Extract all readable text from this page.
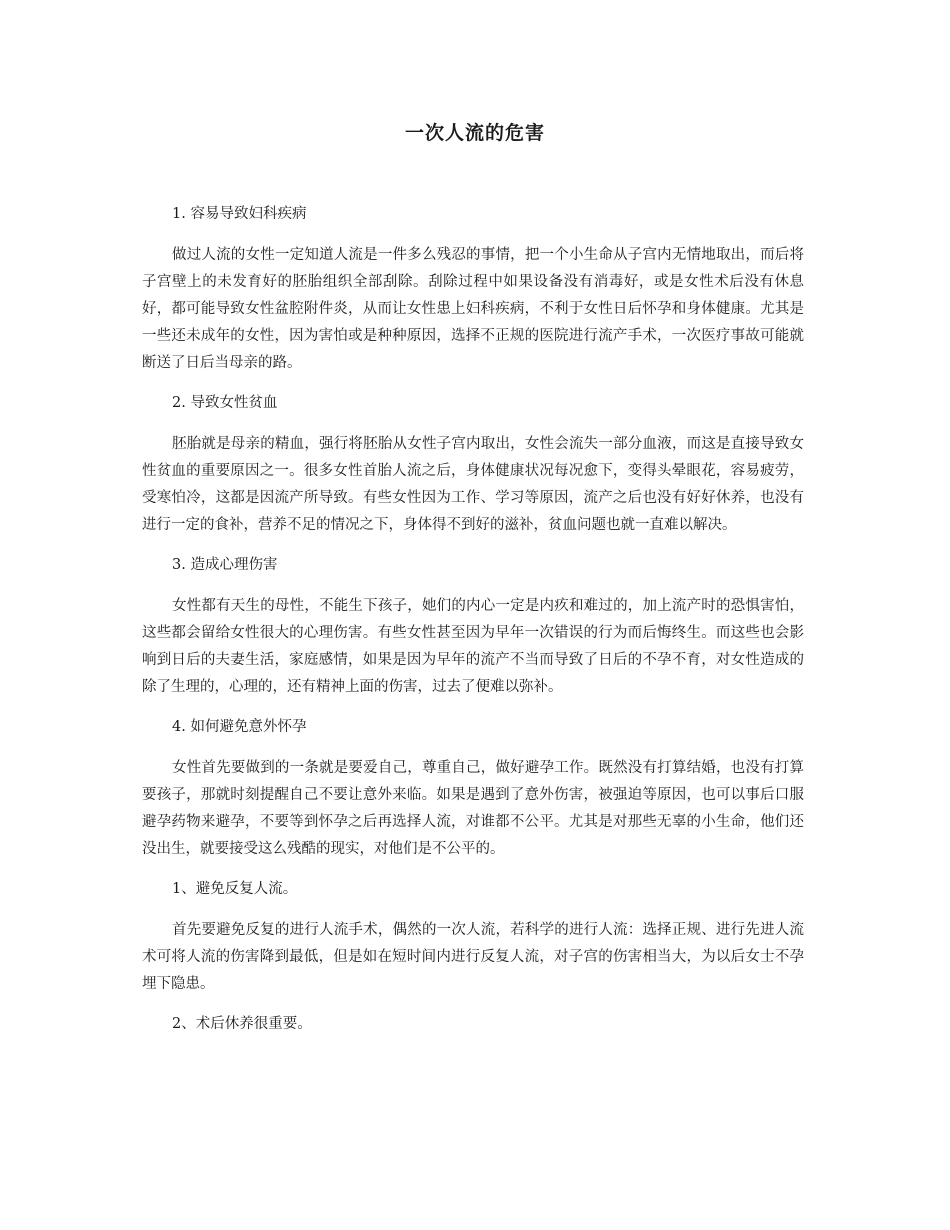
一次人流的危害

1. 容易导致妇科疾病

做过人流的女性一定知道人流是一件多么残忍的事情，把一个小生命从子宫内无情地取出，而后将子宫壁上的未发育好的胚胎组织全部刮除。刮除过程中如果设备没有消毒好，或是女性术后没有休息好，都可能导致女性盆腔附件炎，从而让女性患上妇科疾病，不利于女性日后怀孕和身体健康。尤其是一些还未成年的女性，因为害怕或是种种原因，选择不正规的医院进行流产手术，一次医疗事故可能就断送了日后当母亲的路。

2. 导致女性贫血

胚胎就是母亲的精血，强行将胚胎从女性子宫内取出，女性会流失一部分血液，而这是直接导致女性贫血的重要原因之一。很多女性首胎人流之后，身体健康状况每况愈下，变得头晕眼花，容易疲劳，受寒怕冷，这都是因流产所导致。有些女性因为工作、学习等原因，流产之后也没有好好休养，也没有进行一定的食补，营养不足的情况之下，身体得不到好的滋补，贫血问题也就一直难以解决。

3. 造成心理伤害

女性都有天生的母性，不能生下孩子，她们的内心一定是内疚和难过的，加上流产时的恐惧害怕，这些都会留给女性很大的心理伤害。有些女性甚至因为早年一次错误的行为而后悔终生。而这些也会影响到日后的夫妻生活，家庭感情，如果是因为早年的流产不当而导致了日后的不孕不育，对女性造成的除了生理的，心理的，还有精神上面的伤害，过去了便难以弥补。

4. 如何避免意外怀孕

女性首先要做到的一条就是要爱自己，尊重自己，做好避孕工作。既然没有打算结婚，也没有打算要孩子，那就时刻提醒自己不要让意外来临。如果是遇到了意外伤害，被强迫等原因，也可以事后口服避孕药物来避孕，不要等到怀孕之后再选择人流，对谁都不公平。尤其是对那些无辜的小生命，他们还没出生，就要接受这么残酷的现实，对他们是不公平的。

1、避免反复人流。

首先要避免反复的进行人流手术，偶然的一次人流，若科学的进行人流：选择正规、进行先进人流术可将人流的伤害降到最低，但是如在短时间内进行反复人流，对子宫的伤害相当大，为以后女士不孕埋下隐患。

2、术后休养很重要。
